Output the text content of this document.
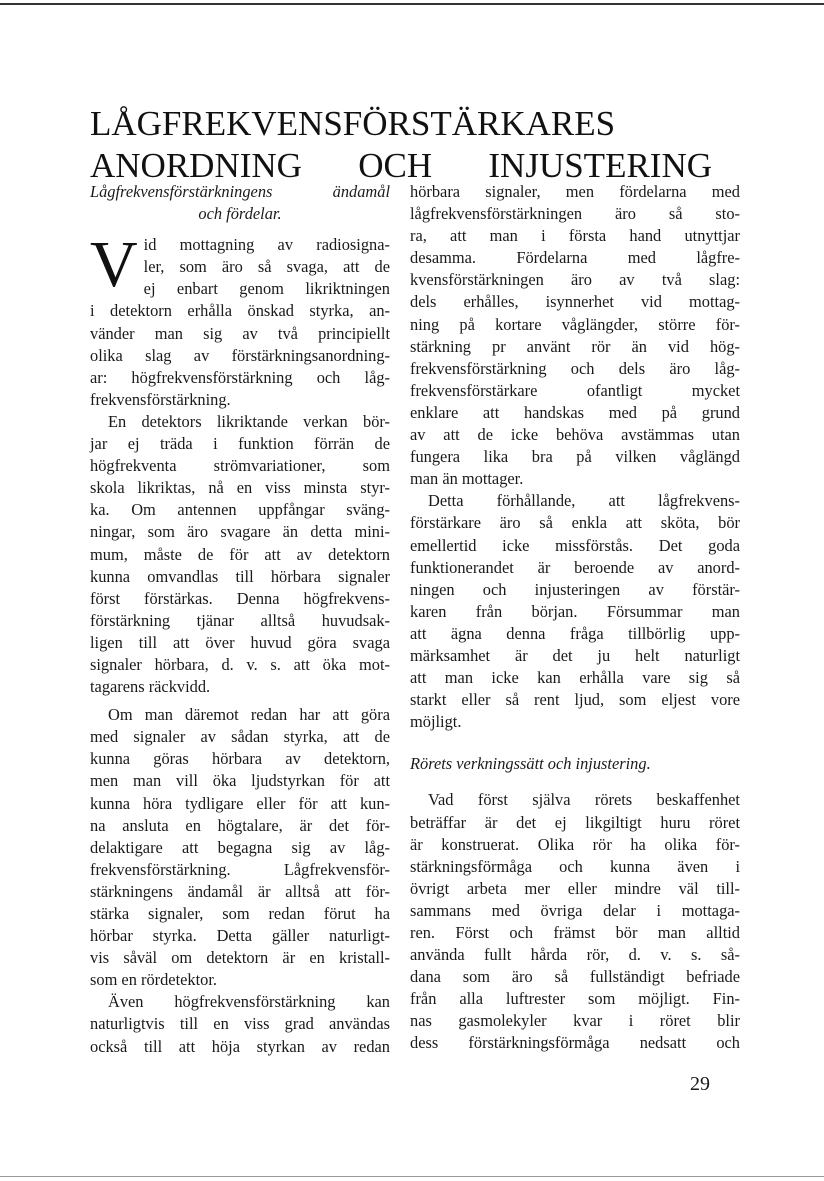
LÅGFREKVENSFÖRSTÄRKARES
ANORDNING OCH INJUSTERING
Lågfrekvensförstärkningens ändamål
och fördelar.
V id mottagning av radiosigna-
ler, som äro så svaga, att de
ej enbart genom likriktningen
i detektorn erhålla önskad styrka, an-
vänder man sig av två principiellt
olika slag av förstärkningsanordning-
ar: högfrekvensförstärkning och låg-
frekvensförstärkning.
En detektors likriktande verkan bör-
jar ej träda i funktion förrän de
högfrekventa strömvariationer, som
skola likriktas, nå en viss minsta styr-
ka. Om antennen uppfångar sväng-
ningar, som äro svagare än detta mini-
mum, måste de för att av detektorn
kunna omvandlas till hörbara signaler
först förstärkas. Denna högfrekvens-
förstärkning tjänar alltså huvudsak-
ligen till att över huvud göra svaga
signaler hörbara, d. v. s. att öka mot-
tagarens räckvidd.
Om man däremot redan har att göra
med signaler av sådan styrka, att de
kunna göras hörbara av detektorn,
men man vill öka ljudstyrkan för att
kunna höra tydligare eller för att kun-
na ansluta en högtalare, är det för-
delaktigare att begagna sig av låg-
frekvensförstärkning. Lågfrekvensför-
stärkningens ändamål är alltså att för-
stärka signaler, som redan förut ha
hörbar styrka. Detta gäller naturligt-
vis såväl om detektorn är en kristall-
som en rördetektor.
Även högfrekvensförstärkning kan
naturligtvis till en viss grad användas
också till att höja styrkan av redan
hörbara signaler, men fördelarna med
lågfrekvensförstärkningen äro så sto-
ra, att man i första hand utnyttjar
desamma. Fördelarna med lågfre-
kvensförstärkningen äro av två slag:
dels erhålles, isynnerhet vid mottag-
ning på kortare våglängder, större för-
stärkning pr använt rör än vid hög-
frekvensförstärkning och dels äro låg-
frekvensförstärkare ofantligt mycket
enklare att handskas med på grund
av att de icke behöva avstämmas utan
fungera lika bra på vilken våglängd
man än mottager.
Detta förhållande, att lågfrekvens-
förstärkare äro så enkla att sköta, bör
emellertid icke missförstås. Det goda
funktionerandet är beroende av anord-
ningen och injusteringen av förstär-
karen från början. Försummar man
att ägna denna fråga tillbörlig upp-
märksamhet är det ju helt naturligt
att man icke kan erhålla vare sig så
starkt eller så rent ljud, som eljest vore
möjligt.
Rörets verkningssätt och injustering.
Vad först själva rörets beskaffenhet
beträffar är det ej likgiltigt huru röret
är konstruerat. Olika rör ha olika för-
stärkningsförmåga och kunna även i
övrigt arbeta mer eller mindre väl till-
sammans med övriga delar i mottaga-
ren. Först och främst bör man alltid
använda fullt hårda rör, d. v. s. så-
dana som äro så fullständigt befriade
från alla luftrester som möjligt. Fin-
nas gasmolekyler kvar i röret blir
dess förstärkningsförmåga nedsatt och
29
